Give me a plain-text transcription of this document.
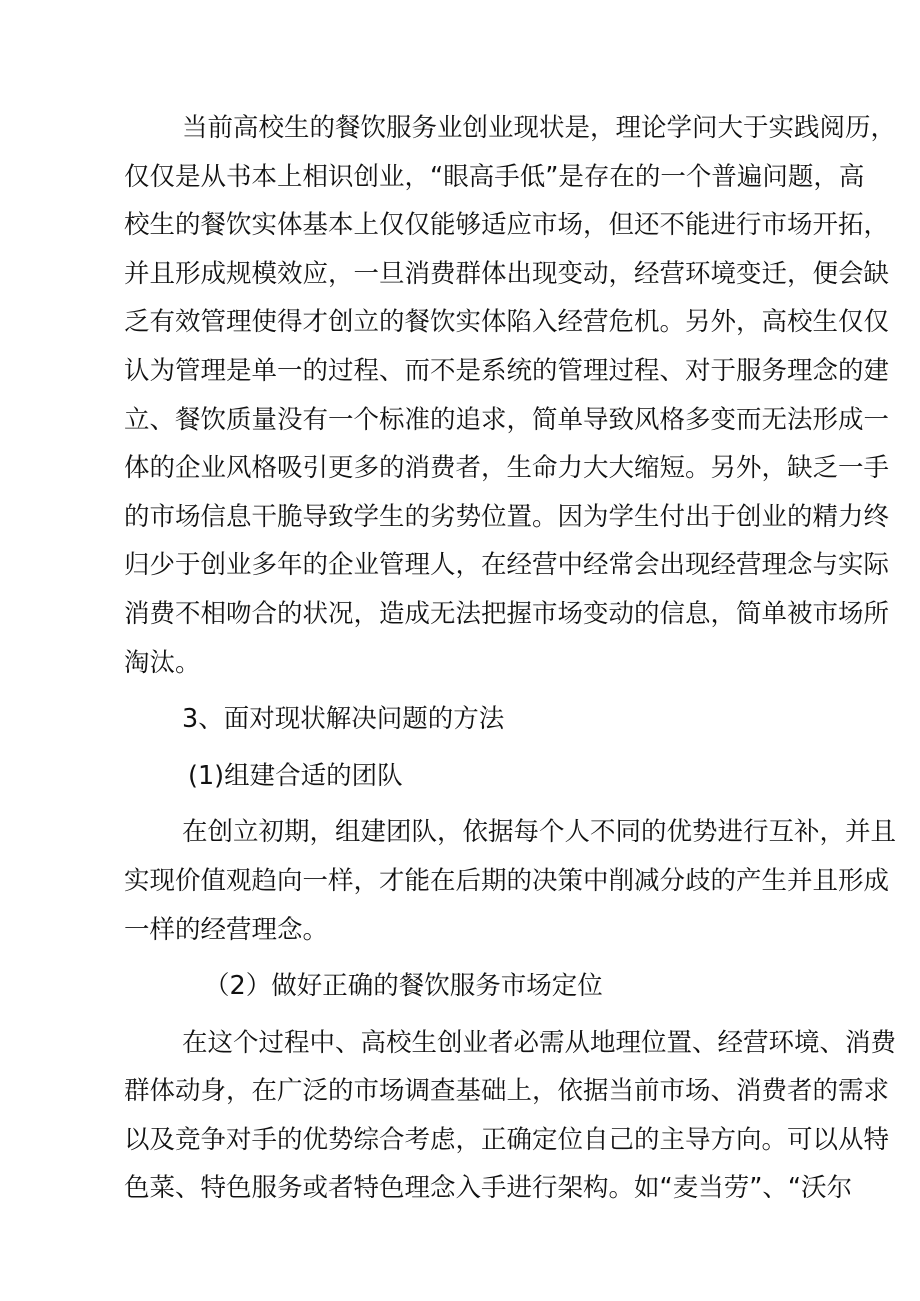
当前高校生的餐饮服务业创业现状是，理论学问大于实践阅历，
仅仅是从书本上相识创业，“眼高手低”是存在的一个普遍问题，高
校生的餐饮实体基本上仅仅能够适应市场，但还不能进行市场开拓，
并且形成规模效应，一旦消费群体出现变动，经营环境变迁，便会缺
乏有效管理使得才创立的餐饮实体陷入经营危机。另外，高校生仅仅
认为管理是单一的过程、而不是系统的管理过程、对于服务理念的建
立、餐饮质量没有一个标准的追求，简单导致风格多变而无法形成一
体的企业风格吸引更多的消费者，生命力大大缩短。另外，缺乏一手
的市场信息干脆导致学生的劣势位置。因为学生付出于创业的精力终
归少于创业多年的企业管理人，在经营中经常会出现经营理念与实际
消费不相吻合的状况，造成无法把握市场变动的信息，简单被市场所
淘汰。
3、面对现状解决问题的方法
(1)组建合适的团队
在创立初期，组建团队，依据每个人不同的优势进行互补，并且
实现价值观趋向一样，才能在后期的决策中削减分歧的产生并且形成
一样的经营理念。
（2）做好正确的餐饮服务市场定位
在这个过程中、高校生创业者必需从地理位置、经营环境、消费
群体动身，在广泛的市场调查基础上，依据当前市场、消费者的需求
以及竞争对手的优势综合考虑，正确定位自己的主导方向。可以从特
色菜、特色服务或者特色理念入手进行架构。如“麦当劳”、“沃尔
